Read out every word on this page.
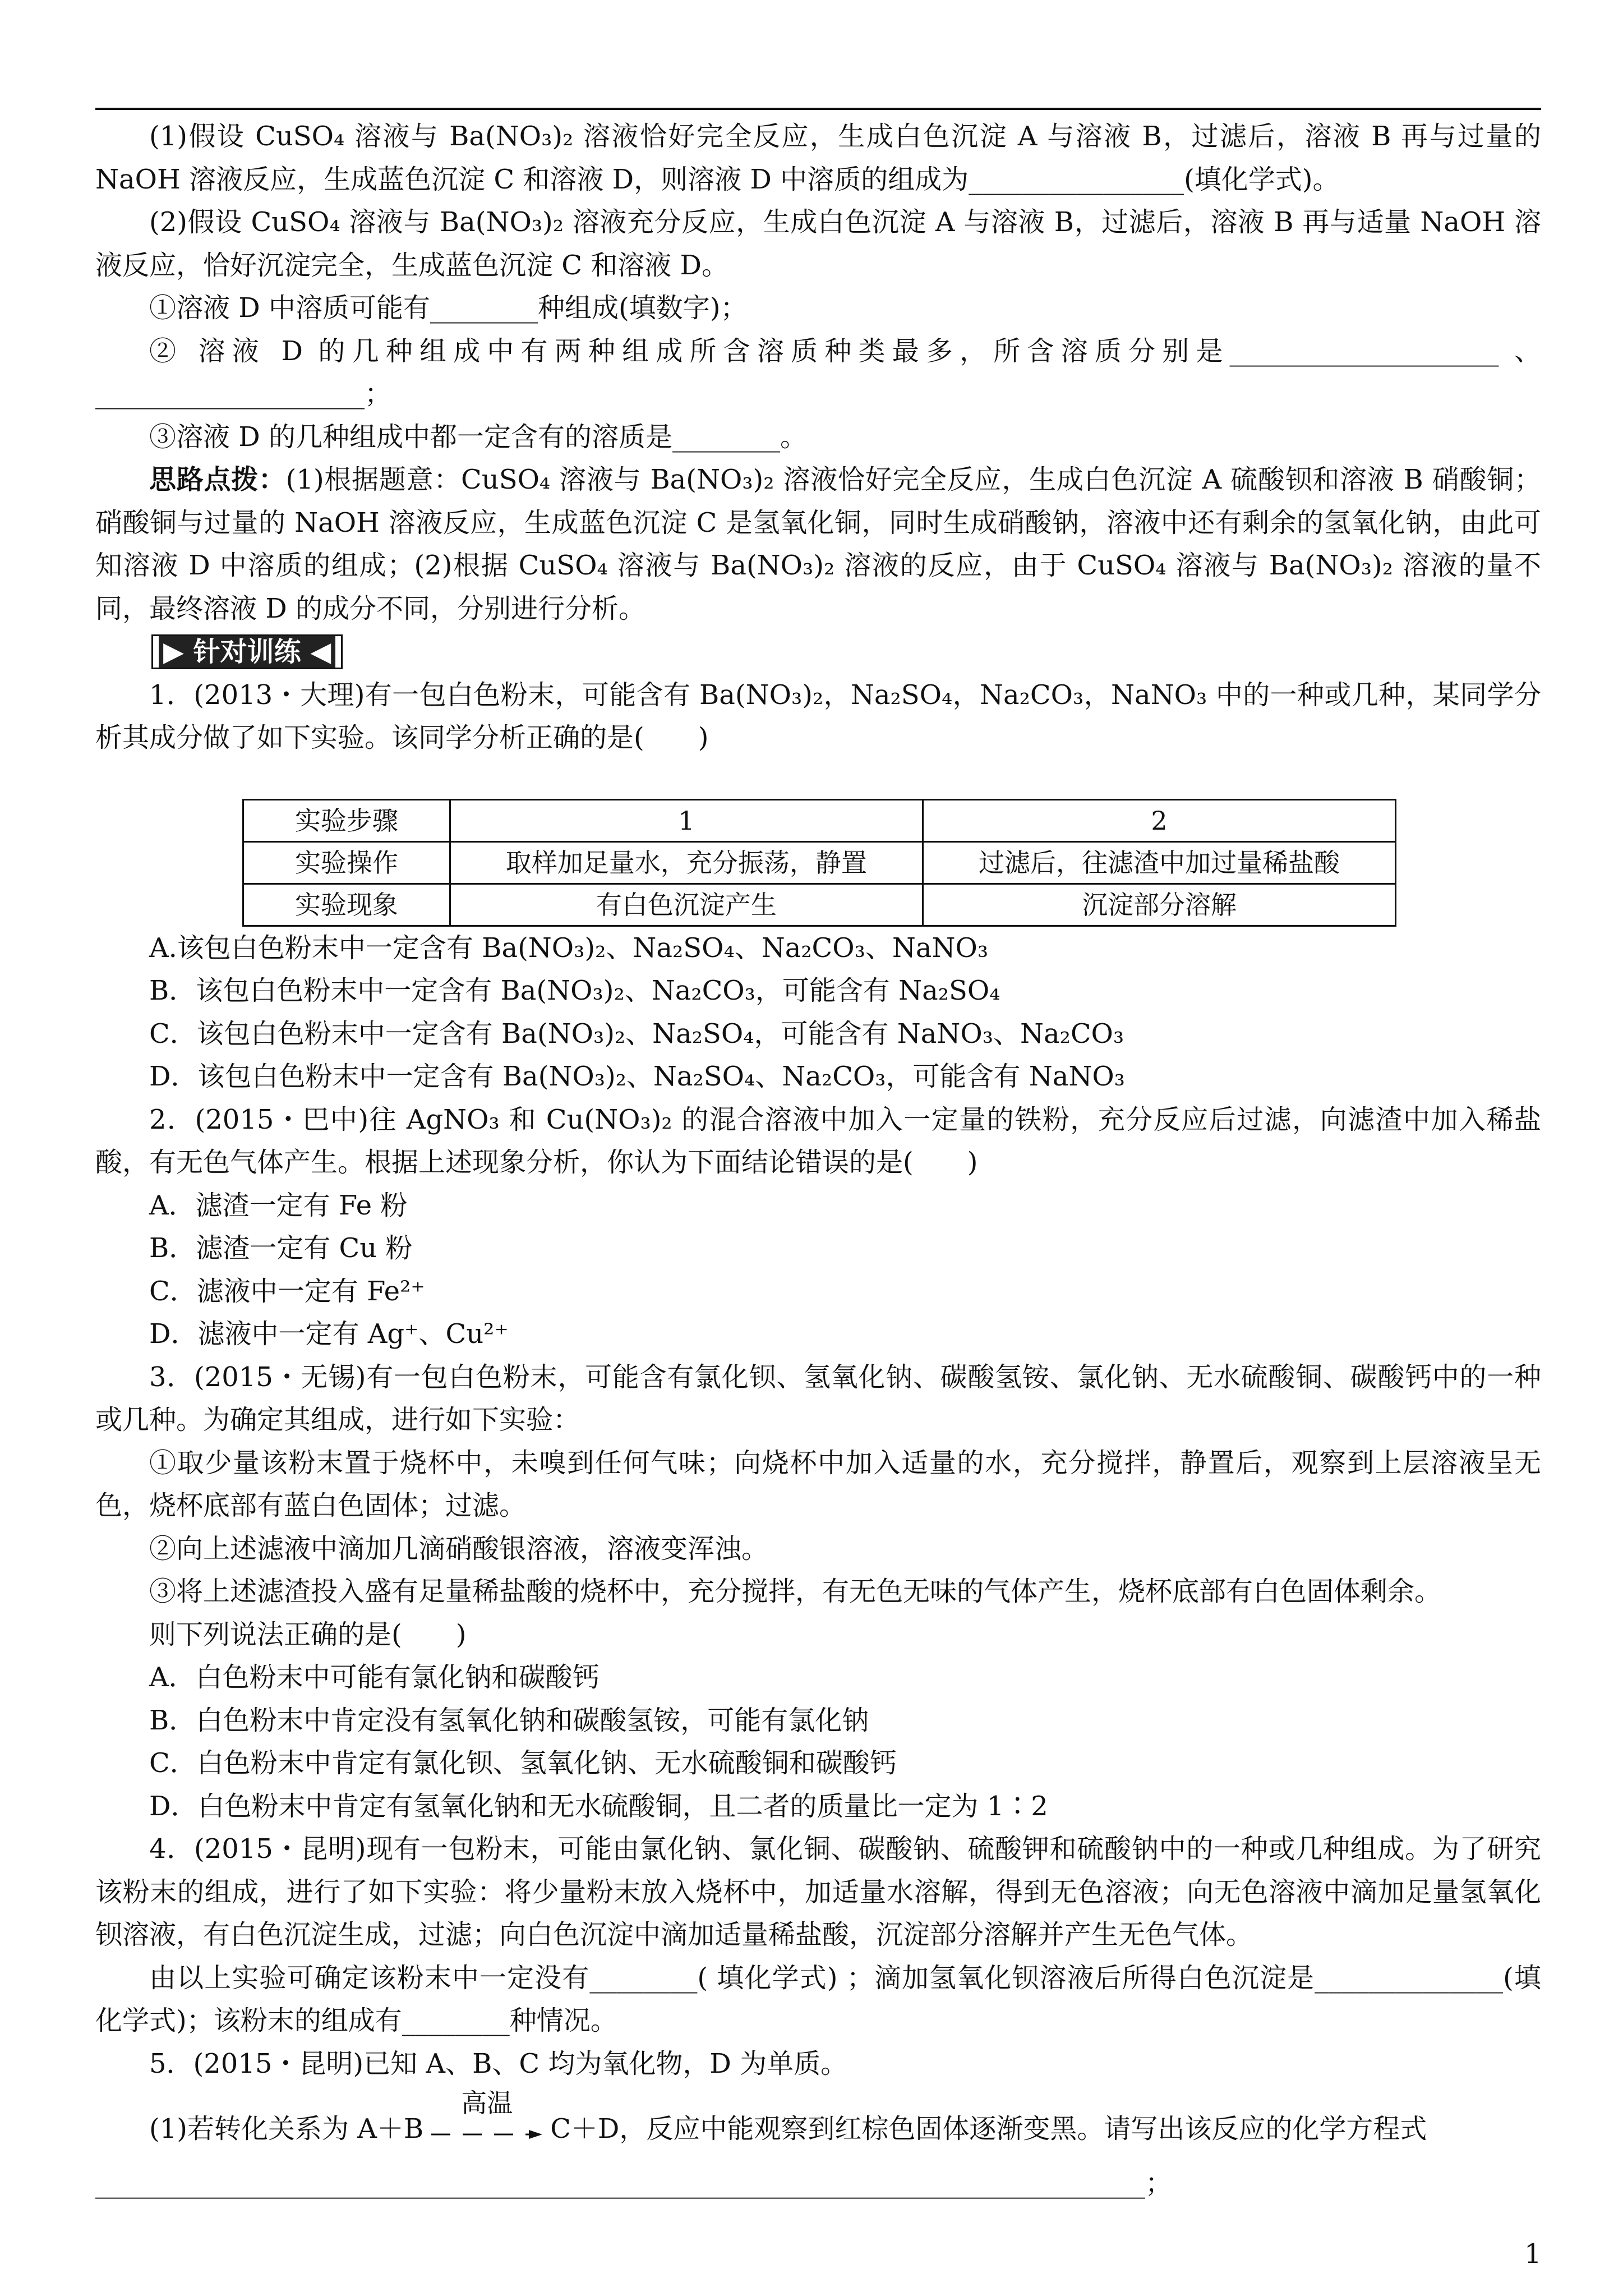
(1)假设 CuSO₄ 溶液与 Ba(NO₃)₂ 溶液恰好完全反应，生成白色沉淀 A 与溶液 B，过滤后，溶液 B 再与过量的 NaOH 溶液反应，生成蓝色沉淀 C 和溶液 D，则溶液 D 中溶质的组成为________________(填化学式)。

(2)假设 CuSO₄ 溶液与 Ba(NO₃)₂ 溶液充分反应，生成白色沉淀 A 与溶液 B，过滤后，溶液 B 再与适量 NaOH 溶液反应，恰好沉淀完全，生成蓝色沉淀 C 和溶液 D。

①溶液 D 中溶质可能有________种组成(填数字)；

② 溶液 D 的几种组成中有两种组成所含溶质种类最多，所含溶质分别是____________________ 、____________________；

③溶液 D 的几种组成中都一定含有的溶质是________。

思路点拨：(1)根据题意：CuSO₄ 溶液与 Ba(NO₃)₂ 溶液恰好完全反应，生成白色沉淀 A 硫酸钡和溶液 B 硝酸铜；硝酸铜与过量的 NaOH 溶液反应，生成蓝色沉淀 C 是氢氧化铜，同时生成硝酸钠，溶液中还有剩余的氢氧化钠，由此可知溶液 D 中溶质的组成；(2)根据 CuSO₄ 溶液与 Ba(NO₃)₂ 溶液的反应，由于 CuSO₄ 溶液与 Ba(NO₃)₂ 溶液的量不同，最终溶液 D 的成分不同，分别进行分析。

▶ 针对训练 ◀

1．(2013・大理)有一包白色粉末，可能含有 Ba(NO₃)₂，Na₂SO₄，Na₂CO₃，NaNO₃ 中的一种或几种，某同学分析其成分做了如下实验。该同学分析正确的是(　　)

实验步骤	1	2
实验操作	取样加足量水，充分振荡，静置	过滤后，往滤渣中加过量稀盐酸
实验现象	有白色沉淀产生	沉淀部分溶解

A.该包白色粉末中一定含有 Ba(NO₃)₂、Na₂SO₄、Na₂CO₃、NaNO₃

B．该包白色粉末中一定含有 Ba(NO₃)₂、Na₂CO₃，可能含有 Na₂SO₄

C．该包白色粉末中一定含有 Ba(NO₃)₂、Na₂SO₄，可能含有 NaNO₃、Na₂CO₃

D．该包白色粉末中一定含有 Ba(NO₃)₂、Na₂SO₄、Na₂CO₃，可能含有 NaNO₃

2．(2015・巴中)往 AgNO₃ 和 Cu(NO₃)₂ 的混合溶液中加入一定量的铁粉，充分反应后过滤，向滤渣中加入稀盐酸，有无色气体产生。根据上述现象分析，你认为下面结论错误的是(　　)

A．滤渣一定有 Fe 粉

B．滤渣一定有 Cu 粉

C．滤液中一定有 Fe²⁺

D．滤液中一定有 Ag⁺、Cu²⁺

3．(2015・无锡)有一包白色粉末，可能含有氯化钡、氢氧化钠、碳酸氢铵、氯化钠、无水硫酸铜、碳酸钙中的一种或几种。为确定其组成，进行如下实验：

①取少量该粉末置于烧杯中，未嗅到任何气味；向烧杯中加入适量的水，充分搅拌，静置后，观察到上层溶液呈无色，烧杯底部有蓝白色固体；过滤。

②向上述滤液中滴加几滴硝酸银溶液，溶液变浑浊。

③将上述滤渣投入盛有足量稀盐酸的烧杯中，充分搅拌，有无色无味的气体产生，烧杯底部有白色固体剩余。

则下列说法正确的是(　　)

A．白色粉末中可能有氯化钠和碳酸钙

B．白色粉末中肯定没有氢氧化钠和碳酸氢铵，可能有氯化钠

C．白色粉末中肯定有氯化钡、氢氧化钠、无水硫酸铜和碳酸钙

D．白色粉末中肯定有氢氧化钠和无水硫酸铜，且二者的质量比一定为 1∶2

4．(2015・昆明)现有一包粉末，可能由氯化钠、氯化铜、碳酸钠、硫酸钾和硫酸钠中的一种或几种组成。为了研究该粉末的组成，进行了如下实验：将少量粉末放入烧杯中，加适量水溶解，得到无色溶液；向无色溶液中滴加足量氢氧化钡溶液，有白色沉淀生成，过滤；向白色沉淀中滴加适量稀盐酸，沉淀部分溶解并产生无色气体。

由以上实验可确定该粉末中一定没有________( 填化学式) ；滴加氢氧化钡溶液后所得白色沉淀是______________(填化学式)；该粉末的组成有________种情况。

5．(2015・昆明)已知 A、B、C 均为氧化物，D 为单质。

(1)若转化关系为 A＋B
高温
C＋D，反应中能观察到红棕色固体逐渐变黑。请写出该反应的化学方程式

______________________________________________________________________________；

1
